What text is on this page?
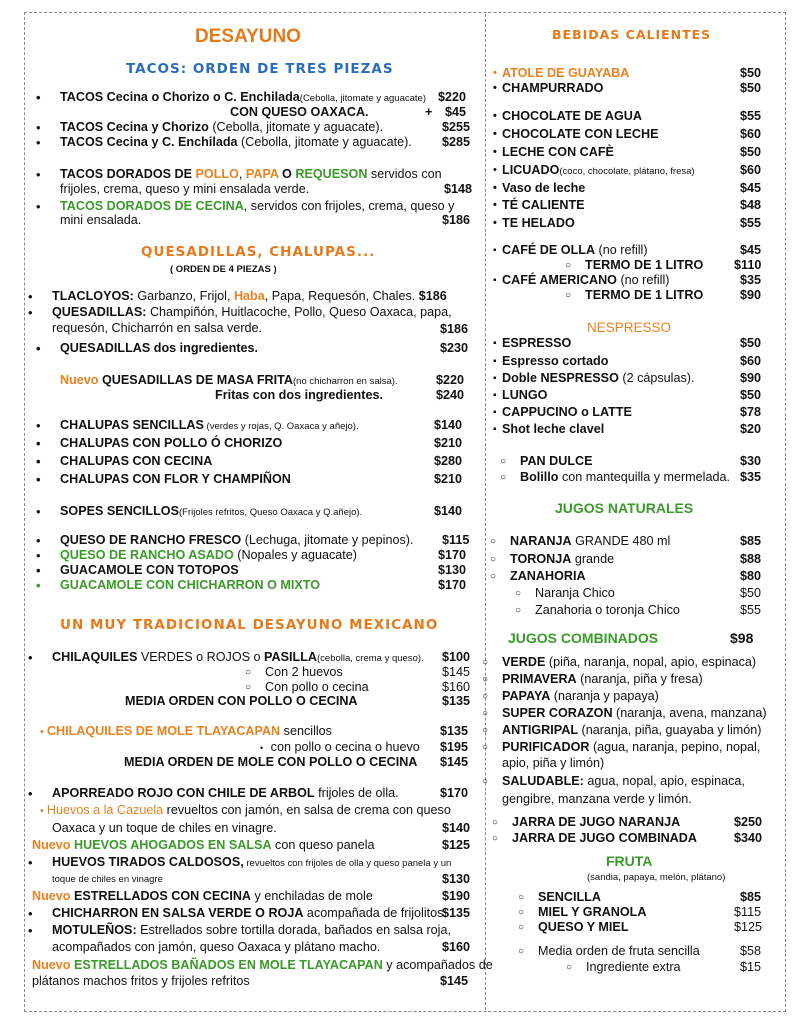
DESAYUNO
TACOS: ORDEN DE TRES PIEZAS
• TACOS Cecina o Chorizo o C. Enchilada(Cebolla, jitomate y aguacate) $220
CON QUESO OAXACA.	+ $45
• TACOS Cecina y Chorizo (Cebolla, jitomate y aguacate).	$255
• TACOS Cecina y C. Enchilada (Cebolla, jitomate y aguacate). $285
• TACOS DORADOS DE POLLO, PAPA O REQUESON servidos con
frijoles, crema, queso y mini ensalada verde.	$148
• TACOS DORADOS DE CECINA, servidos con frijoles, crema, queso y
mini ensalada.	$186
QUESADILLAS, CHALUPAS...
( ORDEN DE 4 PIEZAS )
• TLACLOYOS: Garbanzo, Frijol, Haba, Papa, Requesón, Chales. $186
• QUESADILLAS: Champiñón, Huitlacoche, Pollo, Queso Oaxaca, papa,
requesón, Chicharrón en salsa verde.	$186
• QUESADILLAS dos ingredientes.	$230
Nuevo QUESADILLAS DE MASA FRITA(no chicharron en salsa).	$220
Fritas con dos ingredientes.	$240
• CHALUPAS SENCILLAS (verdes y rojas, Q. Oaxaca y añejo).	$140
• CHALUPAS CON POLLO Ó CHORIZO	$210
• CHALUPAS CON CECINA	$280
• CHALUPAS CON FLOR Y CHAMPIÑON	$210
• SOPES SENCILLOS(Frijoles refritos, Queso Oaxaca y Q.añejo).	$140
• QUESO DE RANCHO FRESCO (Lechuga, jitomate y pepinos). $115
• QUESO DE RANCHO ASADO (Nopales y aguacate)	$170
• GUACAMOLE CON TOTOPOS	$130
• GUACAMOLE CON CHICHARRON O MIXTO	$170
UN MUY TRADICIONAL DESAYUNO MEXICANO
• CHILAQUILES VERDES o ROJOS o PASILLA(cebolla, crema y queso). $100
○ Con 2 huevos	$145
○ Con pollo o cecina	$160
MEDIA ORDEN CON POLLO O CECINA	$135
• CHILAQUILES DE MOLE TLAYACAPAN sencillos	$135
•   con pollo o cecina o huevo $195
MEDIA ORDEN DE MOLE CON POLLO O CECINA $145
• APORREADO ROJO CON CHILE DE ARBOL frijoles de olla.	$170
• Huevos a la Cazuela revueltos con jamón, en salsa de crema con queso
Oaxaca y un toque de chiles en vinagre.	$140
Nuevo HUEVOS AHOGADOS EN SALSA con queso panela	$125
• HUEVOS TIRADOS CALDOSOS, revueltos con frijoles de olla y queso panela y un
toque de chiles en vinagre	$130
Nuevo ESTRELLADOS CON CECINA y enchiladas de mole	$190
• CHICHARRON EN SALSA VERDE O ROJA acompañada de frijolitos.
$135
• MOTULEÑOS: Estrellados sobre tortilla dorada, bañados en salsa roja,
acompañados con jamón, queso Oaxaca y plátano macho.	$160
Nuevo ESTRELLADOS BAÑADOS EN MOLE TLAYACAPAN y acompañados de
plátanos machos fritos y frijoles refritos	$145
BEBIDAS CALIENTES
• ATOLE DE GUAYABA	$50
• CHAMPURRADO	$50
• CHOCOLATE DE AGUA	$55
• CHOCOLATE CON LECHE	$60
• LECHE CON CAFÈ	$50
• LICUADO(coco, chocolate, plátano, fresa)	$60
• Vaso de leche	$45
• TÉ CALIENTE	$48
• TE HELADO	$55
▪ CAFÉ DE OLLA (no refill)	$45
○ TERMO DE 1 LITRO $110
▪ CAFÉ AMERICANO (no refill)	$35
○ TERMO DE 1 LITRO	$90
NESPRESSO
▪ ESPRESSO	$50
▪ Espresso cortado	$60
▪ Doble NESPRESSO (2 cápsulas).	$90
▪ LUNGO	$50
▪ CAPPUCINO o LATTE	$78
▪ Shot leche clavel	$20
○ PAN DULCE	$30
○ Bolillo con mantequilla y mermelada. $35
JUGOS NATURALES
○ NARANJA GRANDE 480 ml	$85
○ TORONJA grande	$88
○ ZANAHORIA	$80
○ Naranja Chico	$50
○ Zanahoria o toronja Chico	$55
JUGOS COMBINADOS	$98
○ VERDE (piña, naranja, nopal, apio, espinaca)
○ PRIMAVERA (naranja, piña y fresa)
○ PAPAYA (naranja y papaya)
○ SUPER CORAZON (naranja, avena, manzana)
○ ANTIGRIPAL (naranja, piña, guayaba y limón)
○ PURIFICADOR (agua, naranja, pepino, nopal,
apio, piña y limón)
○ SALUDABLE: agua, nopal, apio, espinaca,
gengibre, manzana verde y limón.
○ JARRA DE JUGO NARANJA	$250
○ JARRA DE JUGO COMBINADA	$340
FRUTA
(sandia, papaya, melón, plátano)
○ SENCILLA	$85
○ MIEL Y GRANOLA	$115
○ QUESO Y MIEL	$125
○ Media orden de fruta sencilla	$58
○ Ingrediente extra	$15
